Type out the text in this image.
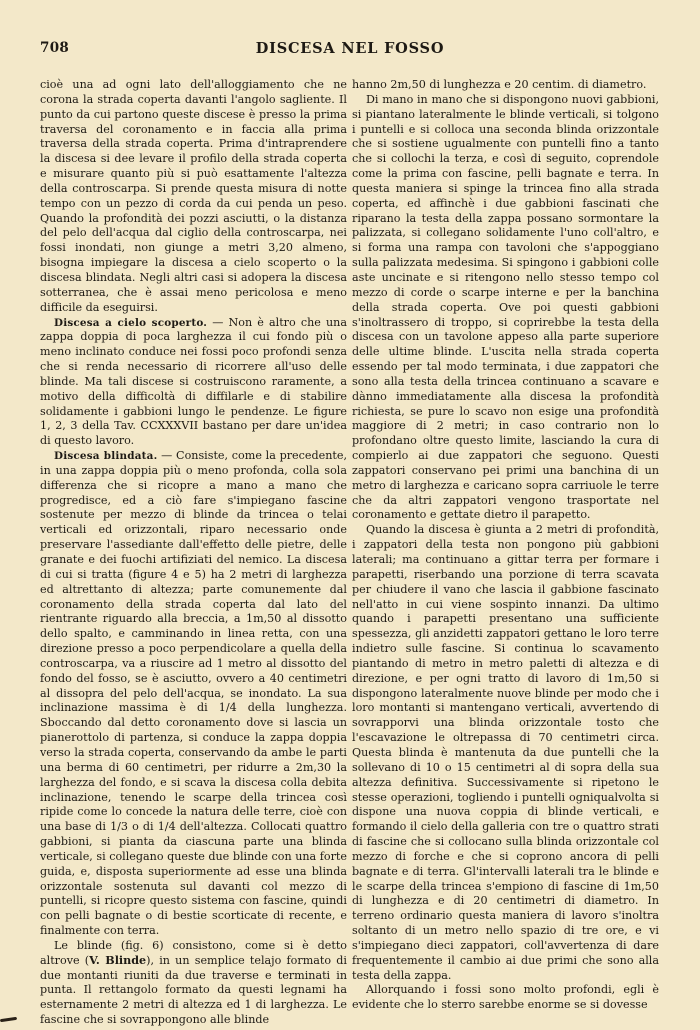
708	DISCESA NEL FOSSO

cioè una ad ogni lato dell'alloggiamento che ne corona la strada coperta davanti l'angolo sagliente. Il punto da cui partono queste discese è presso la prima traversa del coronamento e in faccia alla prima traversa della strada coperta. Prima d'intraprendere la discesa si dee levare il profilo della strada coperta e misurare quanto più si può esattamente l'altezza della controscarpa. Si prende questa misura di notte tempo con un pezzo di corda da cui penda un peso. Quando la profondità dei pozzi asciutti, o la distanza del pelo dell'acqua dal ciglio della controscarpa, nei fossi inondati, non giunge a metri 3,20 almeno, bisogna impiegare la discesa a cielo scoperto o la discesa blindata. Negli altri casi si adopera la discesa sotterranea, che è assai meno pericolosa e meno difficile da eseguirsi.

Discesa a cielo scoperto. — Non è altro che una zappa doppia di poca larghezza il cui fondo più o meno inclinato conduce nei fossi poco profondi senza che si renda necessario di ricorrere all'uso delle blinde. Ma tali discese si costruiscono raramente, a motivo della difficoltà di diffilarle e di stabilire solidamente i gabbioni lungo le pendenze. Le figure 1, 2, 3 della Tav. CCXXXVII bastano per dare un'idea di questo lavoro.

Discesa blindata. — Consiste, come la precedente, in una zappa doppia più o meno profonda, colla sola differenza che si ricopre a mano a mano che progredisce, ed a ciò fare s'impiegano fascine sostenute per mezzo di blinde da trincea o telai verticali ed orizzontali, riparo necessario onde preservare l'assediante dall'effetto delle pietre, delle granate e dei fuochi artifiziati del nemico. La discesa di cui si tratta (figure 4 e 5) ha 2 metri di larghezza ed altrettanto di altezza; parte comunemente dal coronamento della strada coperta dal lato del rientrante riguardo alla breccia, a 1m,50 al dissotto dello spalto, e camminando in linea retta, con una direzione presso a poco perpendicolare a quella della controscarpa, va a riuscire ad 1 metro al dissotto del fondo del fosso, se è asciutto, ovvero a 40 centimetri al dissopra del pelo dell'acqua, se inondato. La sua inclinazione massima è di 1/4 della lunghezza. Sboccando dal detto coronamento dove si lascia un pianerottolo di partenza, si conduce la zappa doppia verso la strada coperta, conservando da ambe le parti una berma di 60 centimetri, per ridurre a 2m,30 la larghezza del fondo, e si scava la discesa colla debita inclinazione, tenendo le scarpe della trincea così ripide come lo concede la natura delle terre, cioè con una base di 1/3 o di 1/4 dell'altezza. Collocati quattro gabbioni, si pianta da ciascuna parte una blinda verticale, si collegano queste due blinde con una forte guida, e, disposta superiormente ad esse una blinda orizzontale sostenuta sul davanti col mezzo di puntelli, si ricopre questo sistema con fascine, quindi con pelli bagnate o di bestie scorticate di recente, e finalmente con terra.

Le blinde (fig. 6) consistono, come si è detto altrove (V. Blinde), in un semplice telajo formato di due montanti riuniti da due traverse e terminati in punta. Il rettangolo formato da questi legnami ha esternamente 2 metri di altezza ed 1 di larghezza. Le fascine che si sovrappongono alle blinde

hanno 2m,50 di lunghezza e 20 centim. di diametro.

Di mano in mano che si dispongono nuovi gabbioni, si piantano lateralmente le blinde verticali, si tolgono i puntelli e si colloca una seconda blinda orizzontale che si sostiene ugualmente con puntelli fino a tanto che si collochi la terza, e così di seguito, coprendole come la prima con fascine, pelli bagnate e terra. In questa maniera si spinge la trincea fino alla strada coperta, ed affinchè i due gabbioni fascinati che riparano la testa della zappa possano sormontare la palizzata, si collegano solidamente l'uno coll'altro, e si forma una rampa con tavoloni che s'appoggiano sulla palizzata medesima. Si spingono i gabbioni colle aste uncinate e si ritengono nello stesso tempo col mezzo di corde o scarpe interne e per la banchina della strada coperta. Ove poi questi gabbioni s'inoltrassero di troppo, si coprirebbe la testa della discesa con un tavolone appeso alla parte superiore delle ultime blinde. L'uscita nella strada coperta essendo per tal modo terminata, i due zappatori che sono alla testa della trincea continuano a scavare e dànno immediatamente alla discesa la profondità richiesta, se pure lo scavo non esige una profondità maggiore di 2 metri; in caso contrario non lo profondano oltre questo limite, lasciando la cura di compierlo ai due zappatori che seguono. Questi zappatori conservano pei primi una banchina di un metro di larghezza e caricano sopra carriuole le terre che da altri zappatori vengono trasportate nel coronamento e gettate dietro il parapetto.

Quando la discesa è giunta a 2 metri di profondità, i zappatori della testa non pongono più gabbioni laterali; ma continuano a gittar terra per formare i parapetti, riserbando una porzione di terra scavata per chiudere il vano che lascia il gabbione fascinato nell'atto in cui viene sospinto innanzi. Da ultimo quando i parapetti presentano una sufficiente spessezza, gli anzidetti zappatori gettano le loro terre indietro sulle fascine. Si continua lo scavamento piantando di metro in metro paletti di altezza e di direzione, e per ogni tratto di lavoro di 1m,50 si dispongono lateralmente nuove blinde per modo che i loro montanti si mantengano verticali, avvertendo di sovrapporvi una blinda orizzontale tosto che l'escavazione le oltrepassa di 70 centimetri circa. Questa blinda è mantenuta da due puntelli che la sollevano di 10 o 15 centimetri al di sopra della sua altezza definitiva. Successivamente si ripetono le stesse operazioni, togliendo i puntelli ogniqualvolta si dispone una nuova coppia di blinde verticali, e formando il cielo della galleria con tre o quattro strati di fascine che si collocano sulla blinda orizzontale col mezzo di forche e che si coprono ancora di pelli bagnate e di terra. Gl'intervalli laterali tra le blinde e le scarpe della trincea s'empiono di fascine di 1m,50 di lunghezza e di 20 centimetri di diametro. In terreno ordinario questa maniera di lavoro s'inoltra soltanto di un metro nello spazio di tre ore, e vi s'impiegano dieci zappatori, coll'avvertenza di dare frequentemente il cambio ai due primi che sono alla testa della zappa.

Allorquando i fossi sono molto profondi, egli è evidente che lo sterro sarebbe enorme se si dovesse
